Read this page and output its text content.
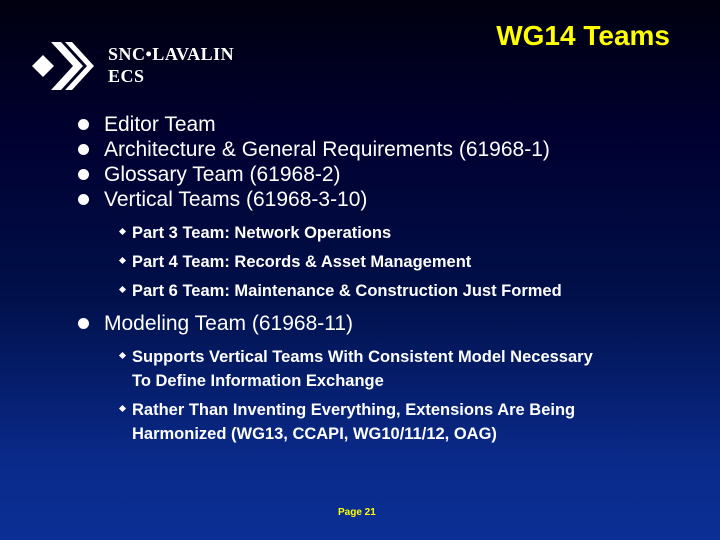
WG14 Teams
SNC•LAVALIN
ECS
Editor Team
Architecture & General Requirements (61968-1)
Glossary Team (61968-2)
Vertical Teams (61968-3-10)
Part 3 Team: Network Operations
Part 4 Team: Records & Asset Management
Part 6 Team: Maintenance & Construction Just Formed
Modeling Team (61968-11)
Supports Vertical Teams With Consistent Model Necessary
To Define Information Exchange
Rather Than Inventing Everything, Extensions Are Being
Harmonized (WG13, CCAPI, WG10/11/12, OAG)
Page 21
